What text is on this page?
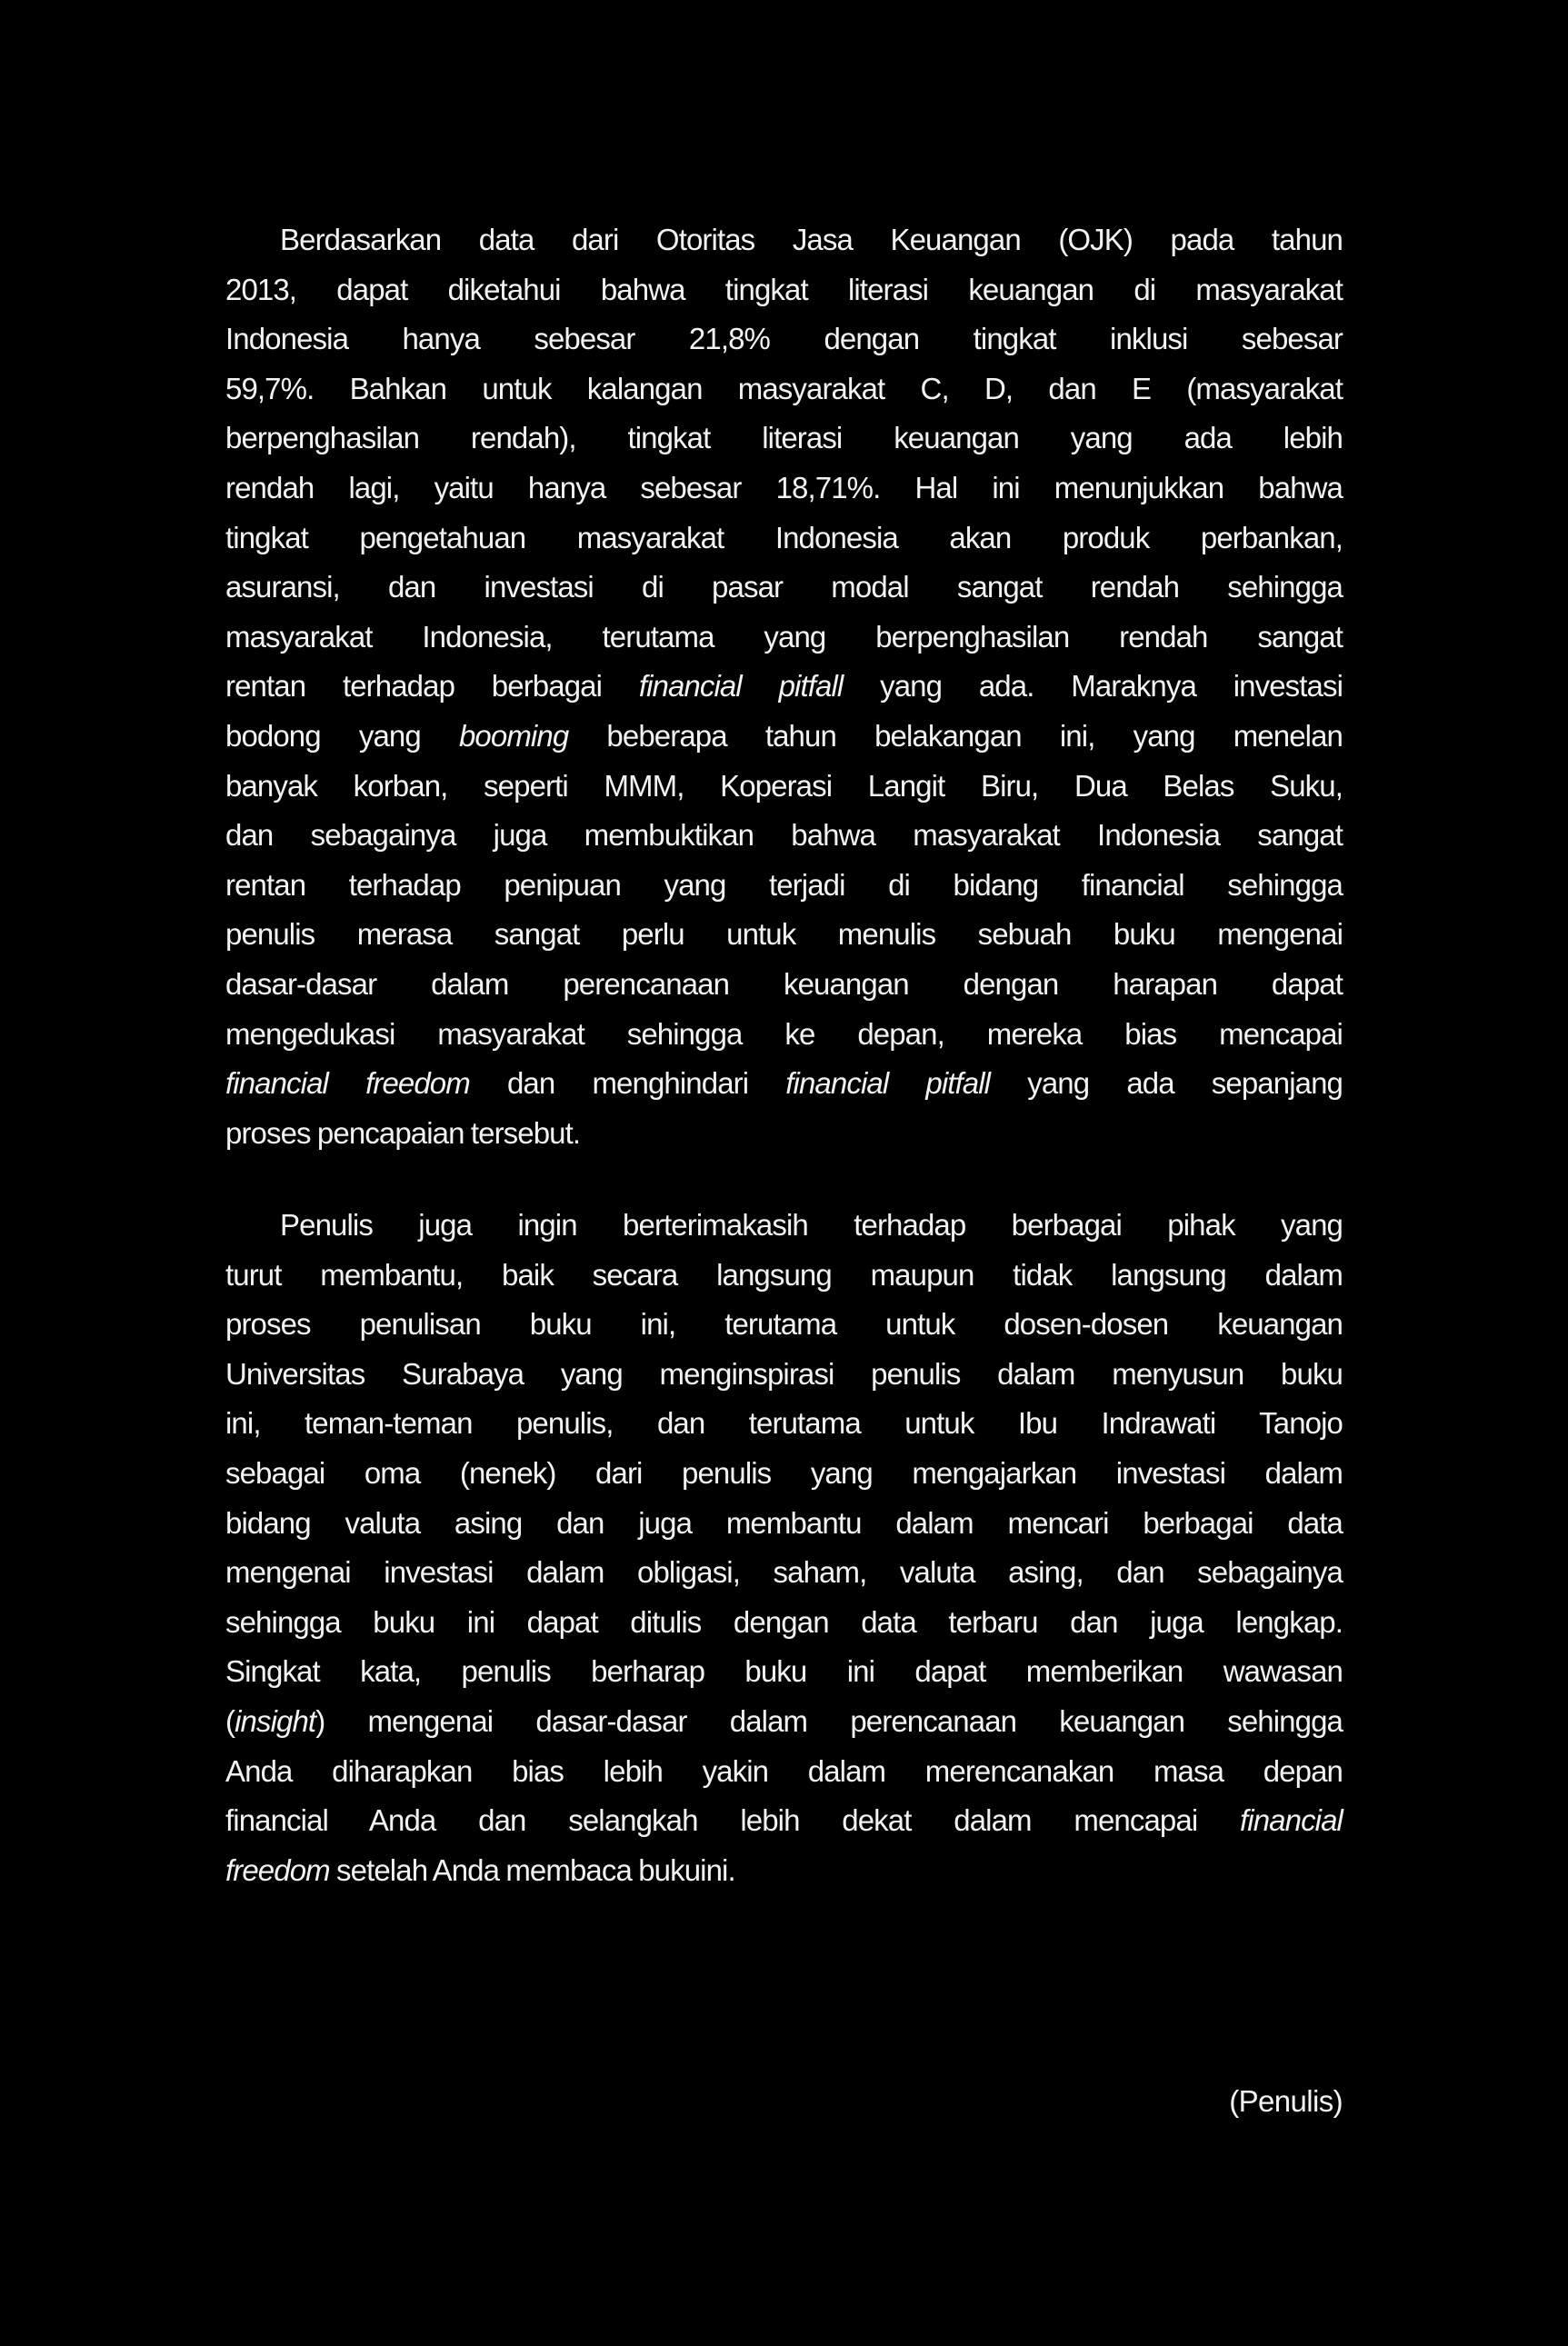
Berdasarkan data dari Otoritas Jasa Keuangan (OJK) pada tahun
2013, dapat diketahui bahwa tingkat literasi keuangan di masyarakat
Indonesia hanya sebesar 21,8% dengan tingkat inklusi sebesar
59,7%. Bahkan untuk kalangan masyarakat C, D, dan E (masyarakat
berpenghasilan rendah), tingkat literasi keuangan yang ada lebih
rendah lagi, yaitu hanya sebesar 18,71%. Hal ini menunjukkan bahwa
tingkat pengetahuan masyarakat Indonesia akan produk perbankan,
asuransi, dan investasi di pasar modal sangat rendah sehingga
masyarakat Indonesia, terutama yang berpenghasilan rendah sangat
rentan terhadap berbagai financial pitfall yang ada. Maraknya investasi
bodong yang booming beberapa tahun belakangan ini, yang menelan
banyak korban, seperti MMM, Koperasi Langit Biru, Dua Belas Suku,
dan sebagainya juga membuktikan bahwa masyarakat Indonesia sangat
rentan terhadap penipuan yang terjadi di bidang financial sehingga
penulis merasa sangat perlu untuk menulis sebuah buku mengenai
dasar-dasar dalam perencanaan keuangan dengan harapan dapat
mengedukasi masyarakat sehingga ke depan, mereka bias mencapai
financial freedom dan menghindari financial pitfall yang ada sepanjang
proses pencapaian tersebut.
Penulis juga ingin berterimakasih terhadap berbagai pihak yang
turut membantu, baik secara langsung maupun tidak langsung dalam
proses penulisan buku ini, terutama untuk dosen-dosen keuangan
Universitas Surabaya yang menginspirasi penulis dalam menyusun buku
ini, teman-teman penulis, dan terutama untuk Ibu Indrawati Tanojo
sebagai oma (nenek) dari penulis yang mengajarkan investasi dalam
bidang valuta asing dan juga membantu dalam mencari berbagai data
mengenai investasi dalam obligasi, saham, valuta asing, dan sebagainya
sehingga buku ini dapat ditulis dengan data terbaru dan juga lengkap.
Singkat kata, penulis berharap buku ini dapat memberikan wawasan
(insight) mengenai dasar-dasar dalam perencanaan keuangan sehingga
Anda diharapkan bias lebih yakin dalam merencanakan masa depan
financial Anda dan selangkah lebih dekat dalam mencapai financial
freedom setelah Anda membaca bukuini.
(Penulis)
